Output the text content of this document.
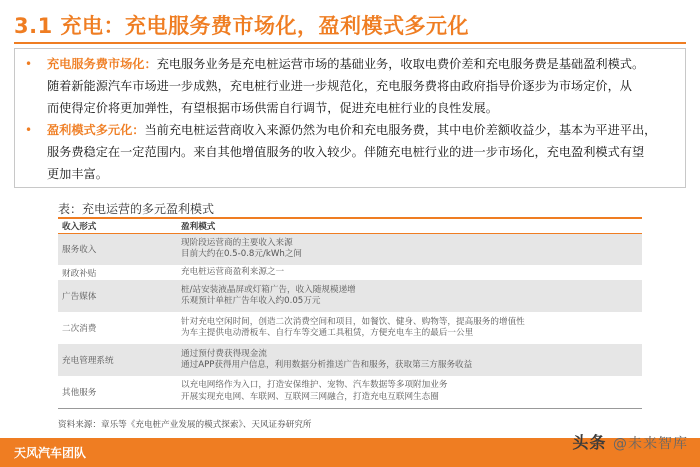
3.1 充电：充电服务费市场化，盈利模式多元化
• 充电服务费市场化：充电服务业务是充电桩运营市场的基础业务，收取电费价差和充电服务费是基础盈利模式。
随着新能源汽车市场进一步成熟，充电桩行业进一步规范化，充电服务费将由政府指导价逐步为市场定价，从
而使得定价将更加弹性，有望根据市场供需自行调节，促进充电桩行业的良性发展。
• 盈利模式多元化：当前充电桩运营商收入来源仍然为电价和充电服务费，其中电价差额收益少，基本为平进平出，
服务费稳定在一定范围内。来自其他增值服务的收入较少。伴随充电桩行业的进一步市场化，充电盈利模式有望
更加丰富。
表：充电运营的多元盈利模式
收入形式	盈利模式
服务收入	现阶段运营商的主要收入来源
目前大约在0.5-0.8元/kWh之间

财政补贴	充电桩运营商盈利来源之一

广告媒体	桩/站安装液晶屏或灯箱广告，收入随规模递增
乐观预计单桩广告年收入约0.05万元

二次消费	针对充电空闲时间，创造二次消费空间和项目，如餐饮、健身、购物等，提高服务的增值性
为车主提供电动滑板车、自行车等交通工具租赁，方便充电车主的最后一公里

充电管理系统	通过预付费获得现金流
通过APP获得用户信息，利用数据分析推送广告和服务，获取第三方服务收益

其他服务	以充电网络作为入口，打造安保维护、宠物、汽车数据等多项附加业务
开展实现充电网、车联网、互联网三网融合，打造充电互联网生态圈
资料来源：章乐等《充电桩产业发展的模式探索》、天风证券研究所
天风汽车团队
头条 @未来智库
